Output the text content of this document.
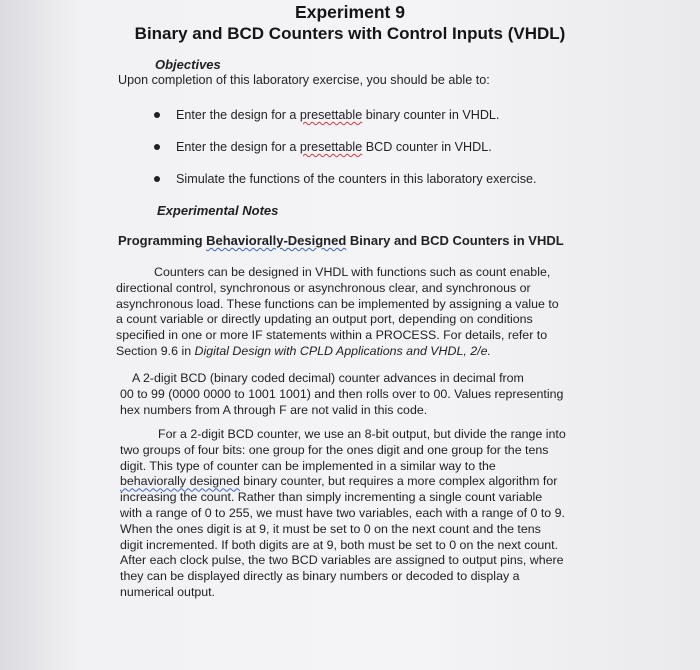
Experiment 9
Binary and BCD Counters with Control Inputs (VHDL)
Objectives
Upon completion of this laboratory exercise, you should be able to:
Enter the design for a presettable binary counter in VHDL.
Enter the design for a presettable BCD counter in VHDL.
Simulate the functions of the counters in this laboratory exercise.
Experimental Notes
Programming Behaviorally-Designed Binary and BCD Counters in VHDL
Counters can be designed in VHDL with functions such as count enable,
directional control, synchronous or asynchronous clear, and synchronous or
asynchronous load. These functions can be implemented by assigning a value to
a count variable or directly updating an output port, depending on conditions
specified in one or more IF statements within a PROCESS. For details, refer to
Section 9.6 in Digital Design with CPLD Applications and VHDL, 2/e.
A 2-digit BCD (binary coded decimal) counter advances in decimal from
00 to 99 (0000 0000 to 1001 1001) and then rolls over to 00. Values representing
hex numbers from A through F are not valid in this code.
For a 2-digit BCD counter, we use an 8-bit output, but divide the range into
two groups of four bits: one group for the ones digit and one group for the tens
digit. This type of counter can be implemented in a similar way to the
behaviorally designed binary counter, but requires a more complex algorithm for
increasing the count. Rather than simply incrementing a single count variable
with a range of 0 to 255, we must have two variables, each with a range of 0 to 9.
When the ones digit is at 9, it must be set to 0 on the next count and the tens
digit incremented. If both digits are at 9, both must be set to 0 on the next count.
After each clock pulse, the two BCD variables are assigned to output pins, where
they can be displayed directly as binary numbers or decoded to display a
numerical output.
